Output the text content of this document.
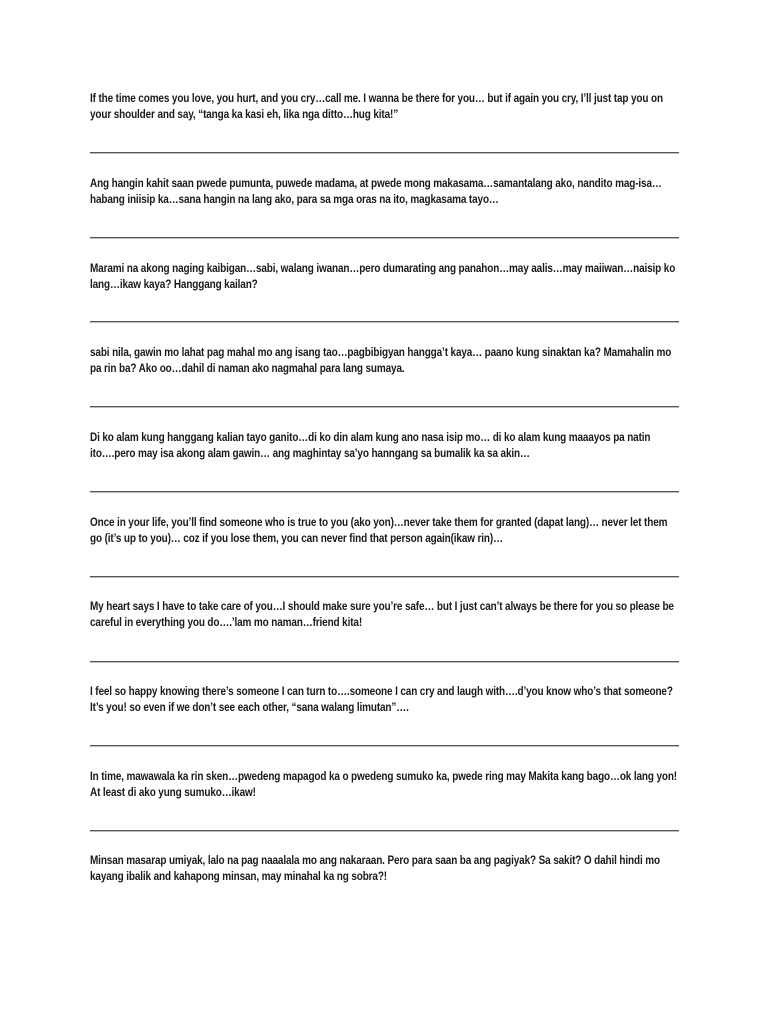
If the time comes you love, you hurt, and you cry…call me. I wanna be there for you… but if again you cry, I’ll just tap you on your shoulder and say, “tanga ka kasi eh, lika nga ditto…hug kita!”

Ang hangin kahit saan pwede pumunta, puwede madama, at pwede mong makasama…samantalang ako, nandito mag-isa…habang iniisip ka…sana hangin na lang ako, para sa mga oras na ito, magkasama tayo…

Marami na akong naging kaibigan…sabi, walang iwanan…pero dumarating ang panahon…may aalis…may maiiwan…naisip ko lang…ikaw kaya? Hanggang kailan?

sabi nila, gawin mo lahat pag mahal mo ang isang tao…pagbibigyan hangga’t kaya… paano kung sinaktan ka? Mamahalin mo pa rin ba? Ako oo…dahil di naman ako nagmahal para lang sumaya.

Di ko alam kung hanggang kalian tayo ganito…di ko din alam kung ano nasa isip mo… di ko alam kung maaayos pa natin ito….pero may isa akong alam gawin… ang maghintay sa’yo hanngang sa bumalik ka sa akin…

Once in your life, you’ll find someone who is true to you (ako yon)…never take them for granted (dapat lang)… never let them go (it’s up to you)… coz if you lose them, you can never find that person again(ikaw rin)…

My heart says I have to take care of you…I should make sure you’re safe… but I just can’t always be there for you so please be careful in everything you do….’lam mo naman…friend kita!

I feel so happy knowing there’s someone I can turn to….someone I can cry and laugh with….d’you know who’s that someone? It’s you! so even if we don’t see each other, “sana walang limutan”….

In time, mawawala ka rin sken…pwedeng mapagod ka o pwedeng sumuko ka, pwede ring may Makita kang bago…ok lang yon! At least di ako yung sumuko…ikaw!

Minsan masarap umiyak, lalo na pag naaalala mo ang nakaraan. Pero para saan ba ang pagiyak? Sa sakit? O dahil hindi mo kayang ibalik and kahapong minsan, may minahal ka ng sobra?!
